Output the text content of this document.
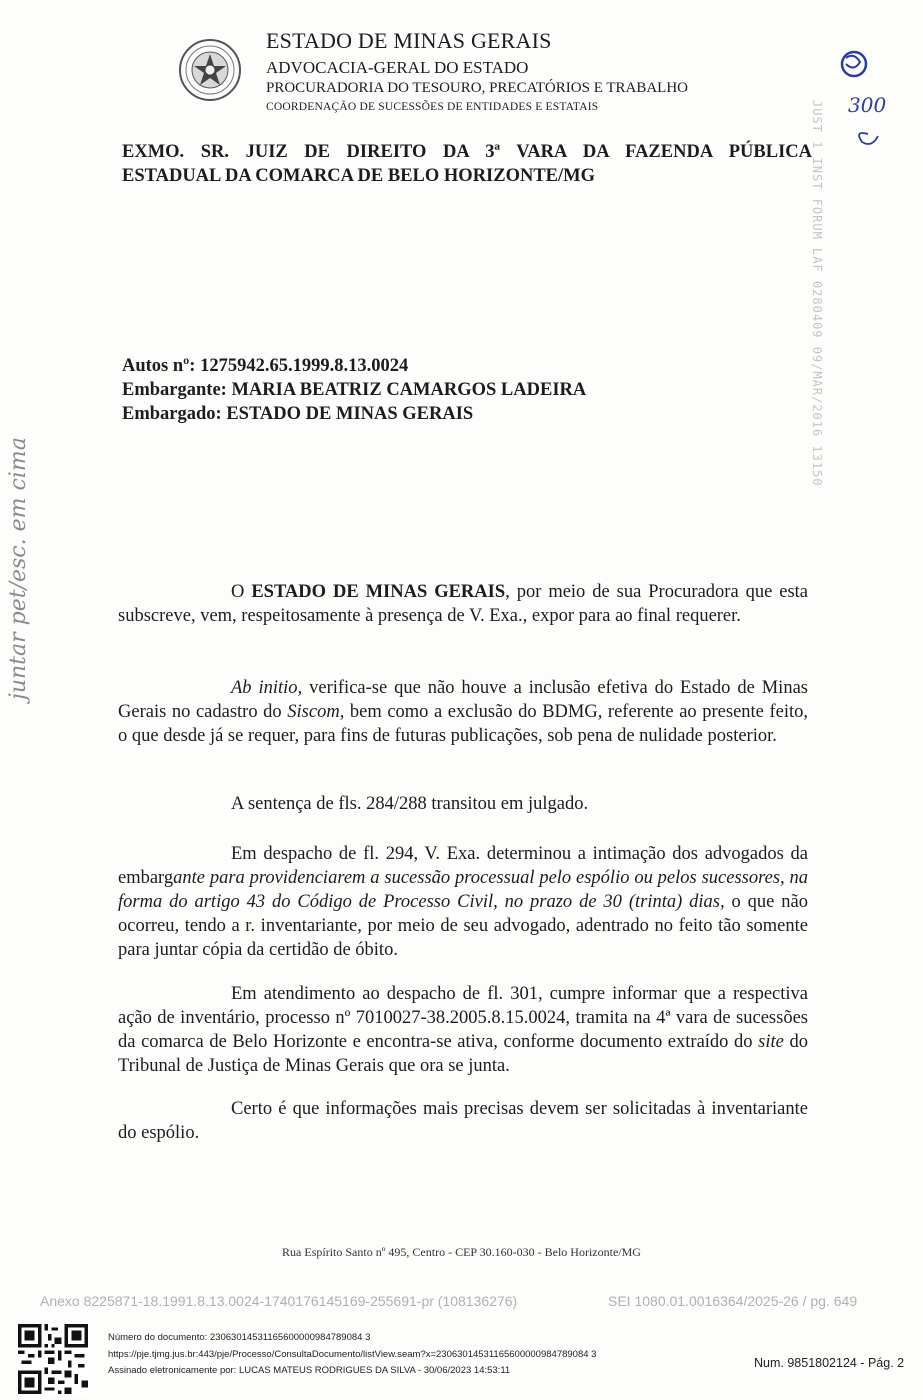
ESTADO DE MINAS GERAIS
ADVOCACIA-GERAL DO ESTADO
PROCURADORIA DO TESOURO, PRECATÓRIOS E TRABALHO
COORDENAÇÃO DE SUCESSÕES DE ENTIDADES E ESTATAIS	300
JUST 1 INST FORUM LAF 0280409 09/MAR/2016 13150
juntar pet/esc. em cima
EXMO. SR. JUIZ DE DIREITO DA 3ª VARA DA FAZENDA PÚBLICA
ESTADUAL DA COMARCA DE BELO HORIZONTE/MG
Autos nº: 1275942.65.1999.8.13.0024
Embargante: MARIA BEATRIZ CAMARGOS LADEIRA
Embargado: ESTADO DE MINAS GERAIS
O ESTADO DE MINAS GERAIS, por meio de sua Procuradora que esta subscreve, vem, respeitosamente à presença de V. Exa., expor para ao final requerer.
Ab initio, verifica-se que não houve a inclusão efetiva do Estado de Minas Gerais no cadastro do Siscom, bem como a exclusão do BDMG, referente ao presente feito, o que desde já se requer, para fins de futuras publicações, sob pena de nulidade posterior.
A sentença de fls. 284/288 transitou em julgado.
Em despacho de fl. 294, V. Exa. determinou a intimação dos advogados da embargante para providenciarem a sucessão processual pelo espólio ou pelos sucessores, na forma do artigo 43 do Código de Processo Civil, no prazo de 30 (trinta) dias, o que não ocorreu, tendo a r. inventariante, por meio de seu advogado, adentrado no feito tão somente para juntar cópia da certidão de óbito.
Em atendimento ao despacho de fl. 301, cumpre informar que a respectiva ação de inventário, processo nº 7010027-38.2005.8.15.0024, tramita na 4ª vara de sucessões da comarca de Belo Horizonte e encontra-se ativa, conforme documento extraído do site do Tribunal de Justiça de Minas Gerais que ora se junta.
Certo é que informações mais precisas devem ser solicitadas à inventariante do espólio.
Rua Espírito Santo nº 495, Centro - CEP 30.160-030 - Belo Horizonte/MG
Anexo 8225871-18.1991.8.13.0024-1740176145169-255691-pr (108136276)	SEI 1080.01.0016364/2025-26 / pg. 649
Número do documento: 23063014531165600000984789084 3
https://pje.tjmg.jus.br:443/pje/Processo/ConsultaDocumento/listView.seam?x=23063014531165600000984789084 3
Assinado eletronicamente por: LUCAS MATEUS RODRIGUES DA SILVA - 30/06/2023 14:53:11
Num. 9851802124 - Pág. 2
